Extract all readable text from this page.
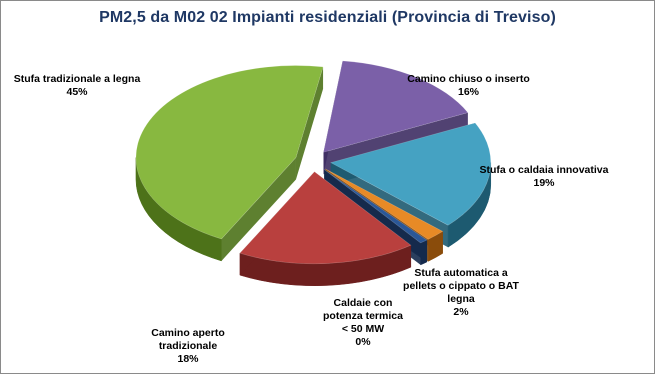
PM2,5 da M02 02 Impianti residenziali (Provincia di Treviso)
Camino chiuso o inserto
16%
Stufa o caldaia innovativa
19%
Stufa automatica a pellets o cippato o BAT legna
2%
Caldaie con potenza termica < 50 MW
0%
Camino aperto tradizionale
18%
Stufa tradizionale a legna
45%
